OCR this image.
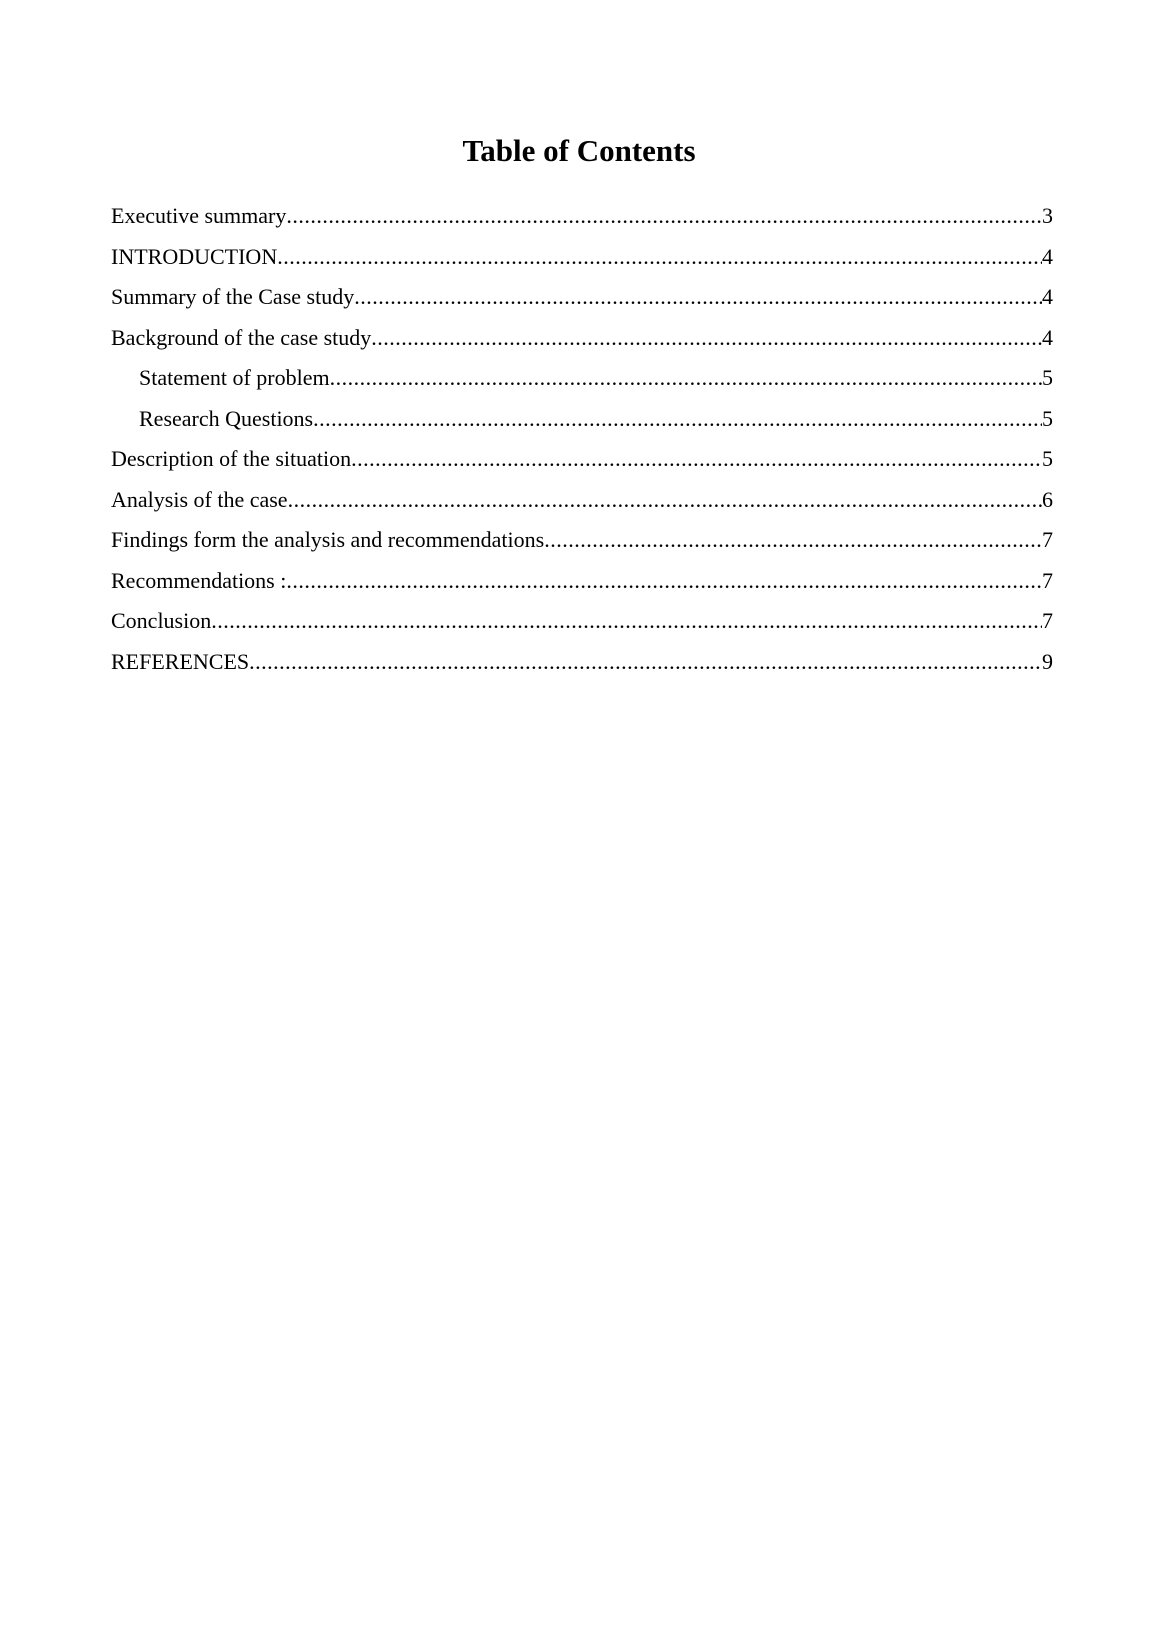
Table of Contents
Executive summary .....	3
INTRODUCTION .....	4
Summary of the Case study .....	4
Background of the case study .....	4
Statement of problem .....	5
Research Questions .....	5
Description of the situation .....	5
Analysis of the case .....	6
Findings form the analysis and recommendations .....	7
Recommendations : .....	7
Conclusion .....	7
REFERENCES .....	9
